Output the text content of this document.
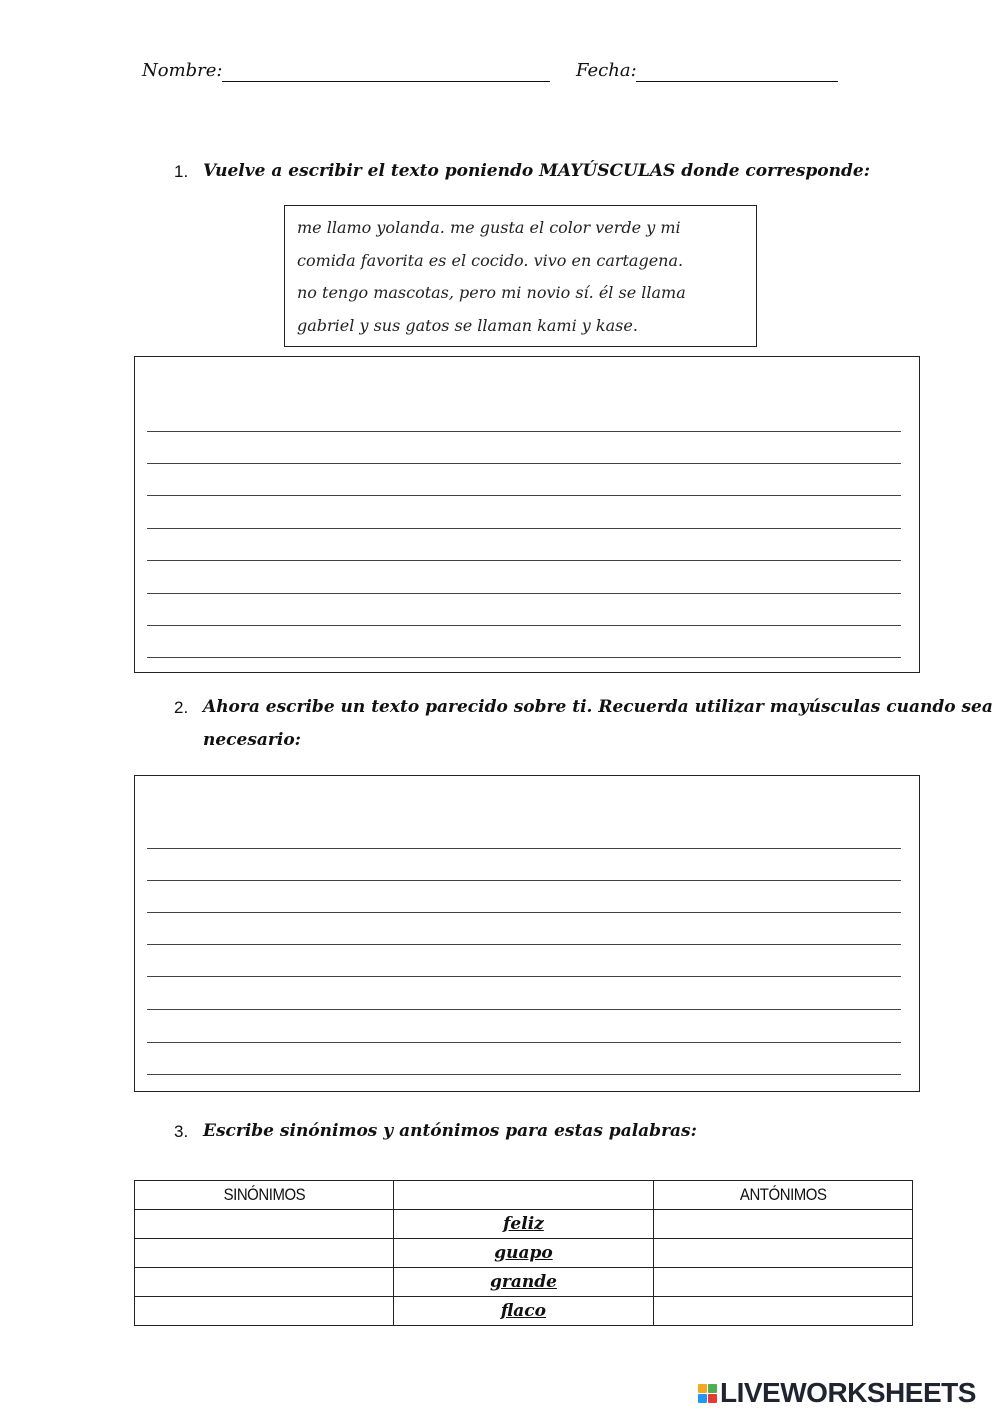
Nombre:	Fecha:
1. Vuelve a escribir el texto poniendo MAYÚSCULAS donde corresponde:

me llamo yolanda. me gusta el color verde y mi
comida favorita es el cocido. vivo en cartagena.
no tengo mascotas, pero mi novio sí. él se llama
gabriel y sus gatos se llaman kami y kase.

2. Ahora escribe un texto parecido sobre ti. Recuerda utilizar mayúsculas cuando sea
necesario:
3. Escribe sinónimos y antónimos para estas palabras:
SINÓNIMOS		ANTÓNIMOS
	feliz	
	guapo	
	grande	
	flaco	
LIVEWORKSHEETS
